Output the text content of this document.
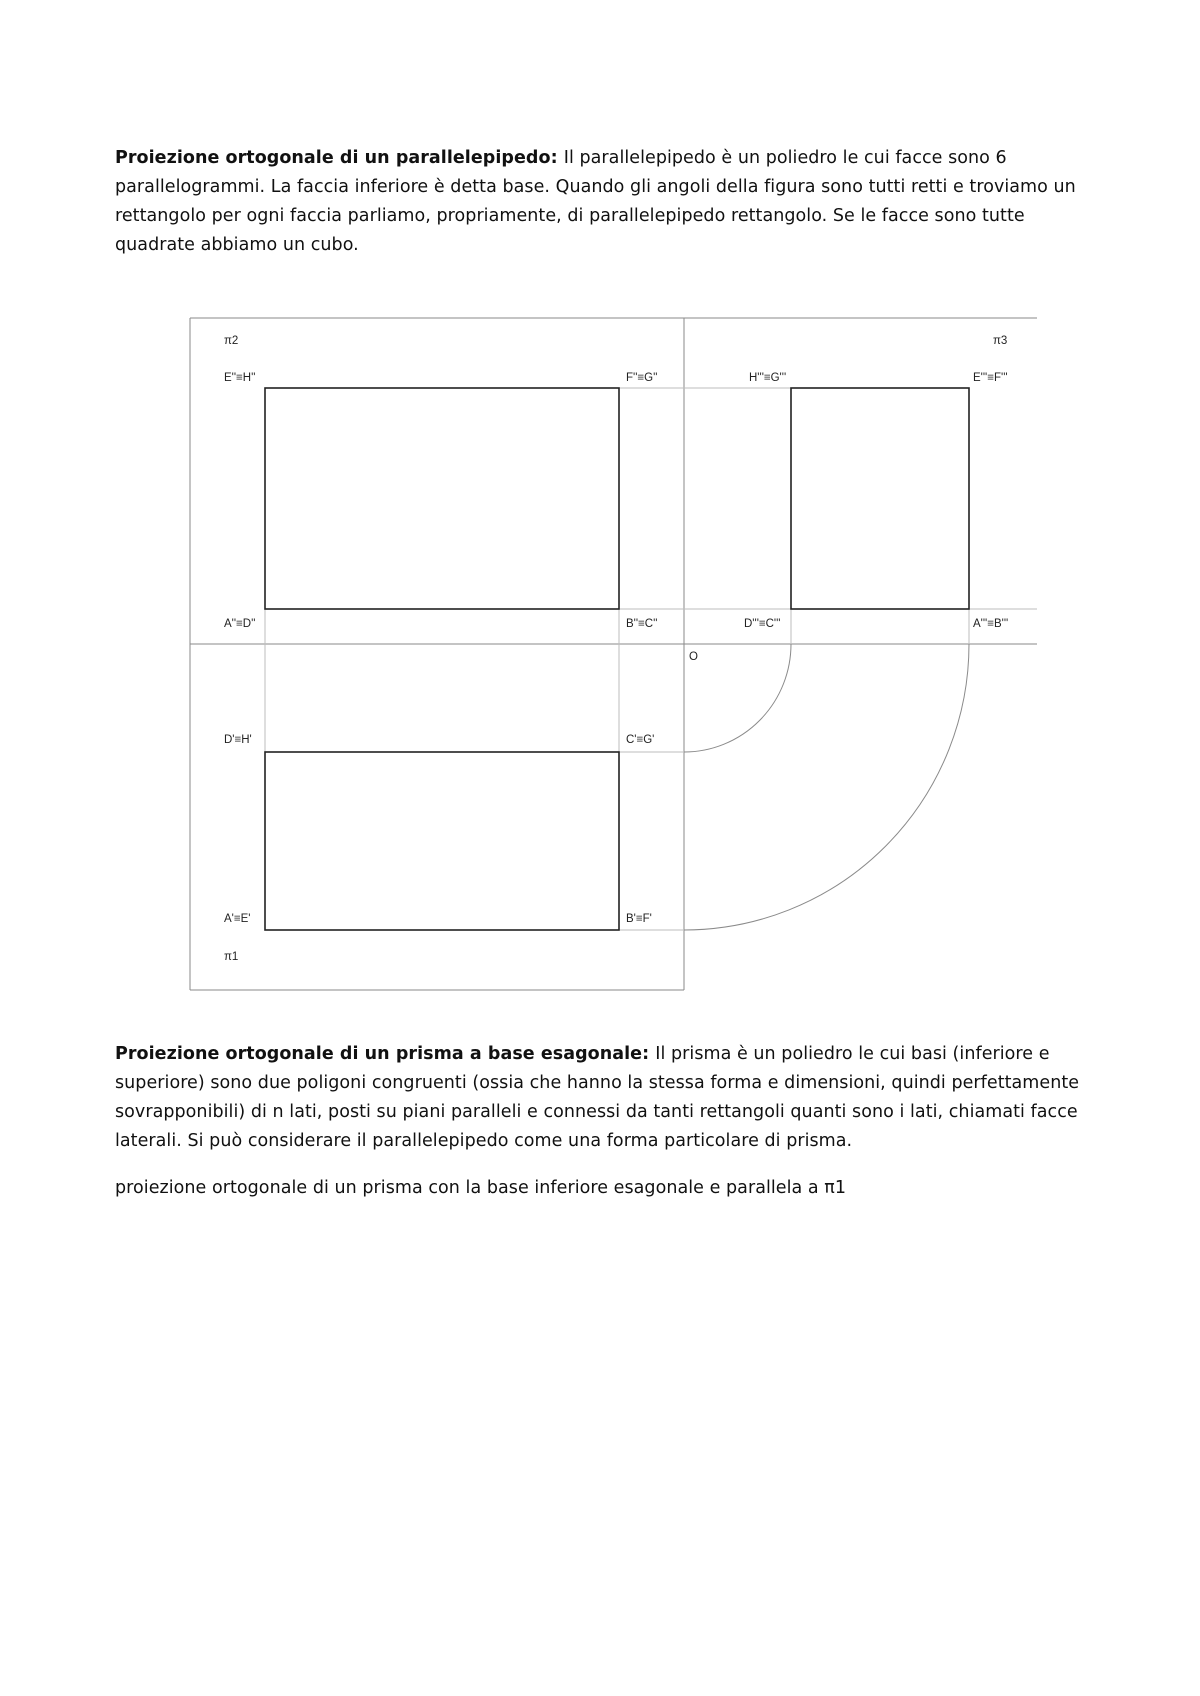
Proiezione ortogonale di un parallelepipedo: Il parallelepipedo è un poliedro le cui facce sono 6 parallelogrammi. La faccia inferiore è detta base. Quando gli angoli della figura sono tutti retti e troviamo un rettangolo per ogni faccia parliamo, propriamente, di parallelepipedo rettangolo. Se le facce sono tutte quadrate abbiamo un cubo.

π2	π3
π1
O
E''≡H''	F''≡G''
A''≡D''	B''≡C''
H'''≡G'''	E'''≡F'''
D'''≡C'''	A'''≡B'''
D'≡H'	C'≡G'
A'≡E'	B'≡F'

Proiezione ortogonale di un prisma a base esagonale: Il prisma è un poliedro le cui basi (inferiore e superiore) sono due poligoni congruenti (ossia che hanno la stessa forma e dimensioni, quindi perfettamente sovrapponibili) di n lati, posti su piani paralleli e connessi da tanti rettangoli quanti sono i lati, chiamati facce laterali. Si può considerare il parallelepipedo come una forma particolare di prisma.

proiezione ortogonale di un prisma con la base inferiore esagonale e parallela a π1
